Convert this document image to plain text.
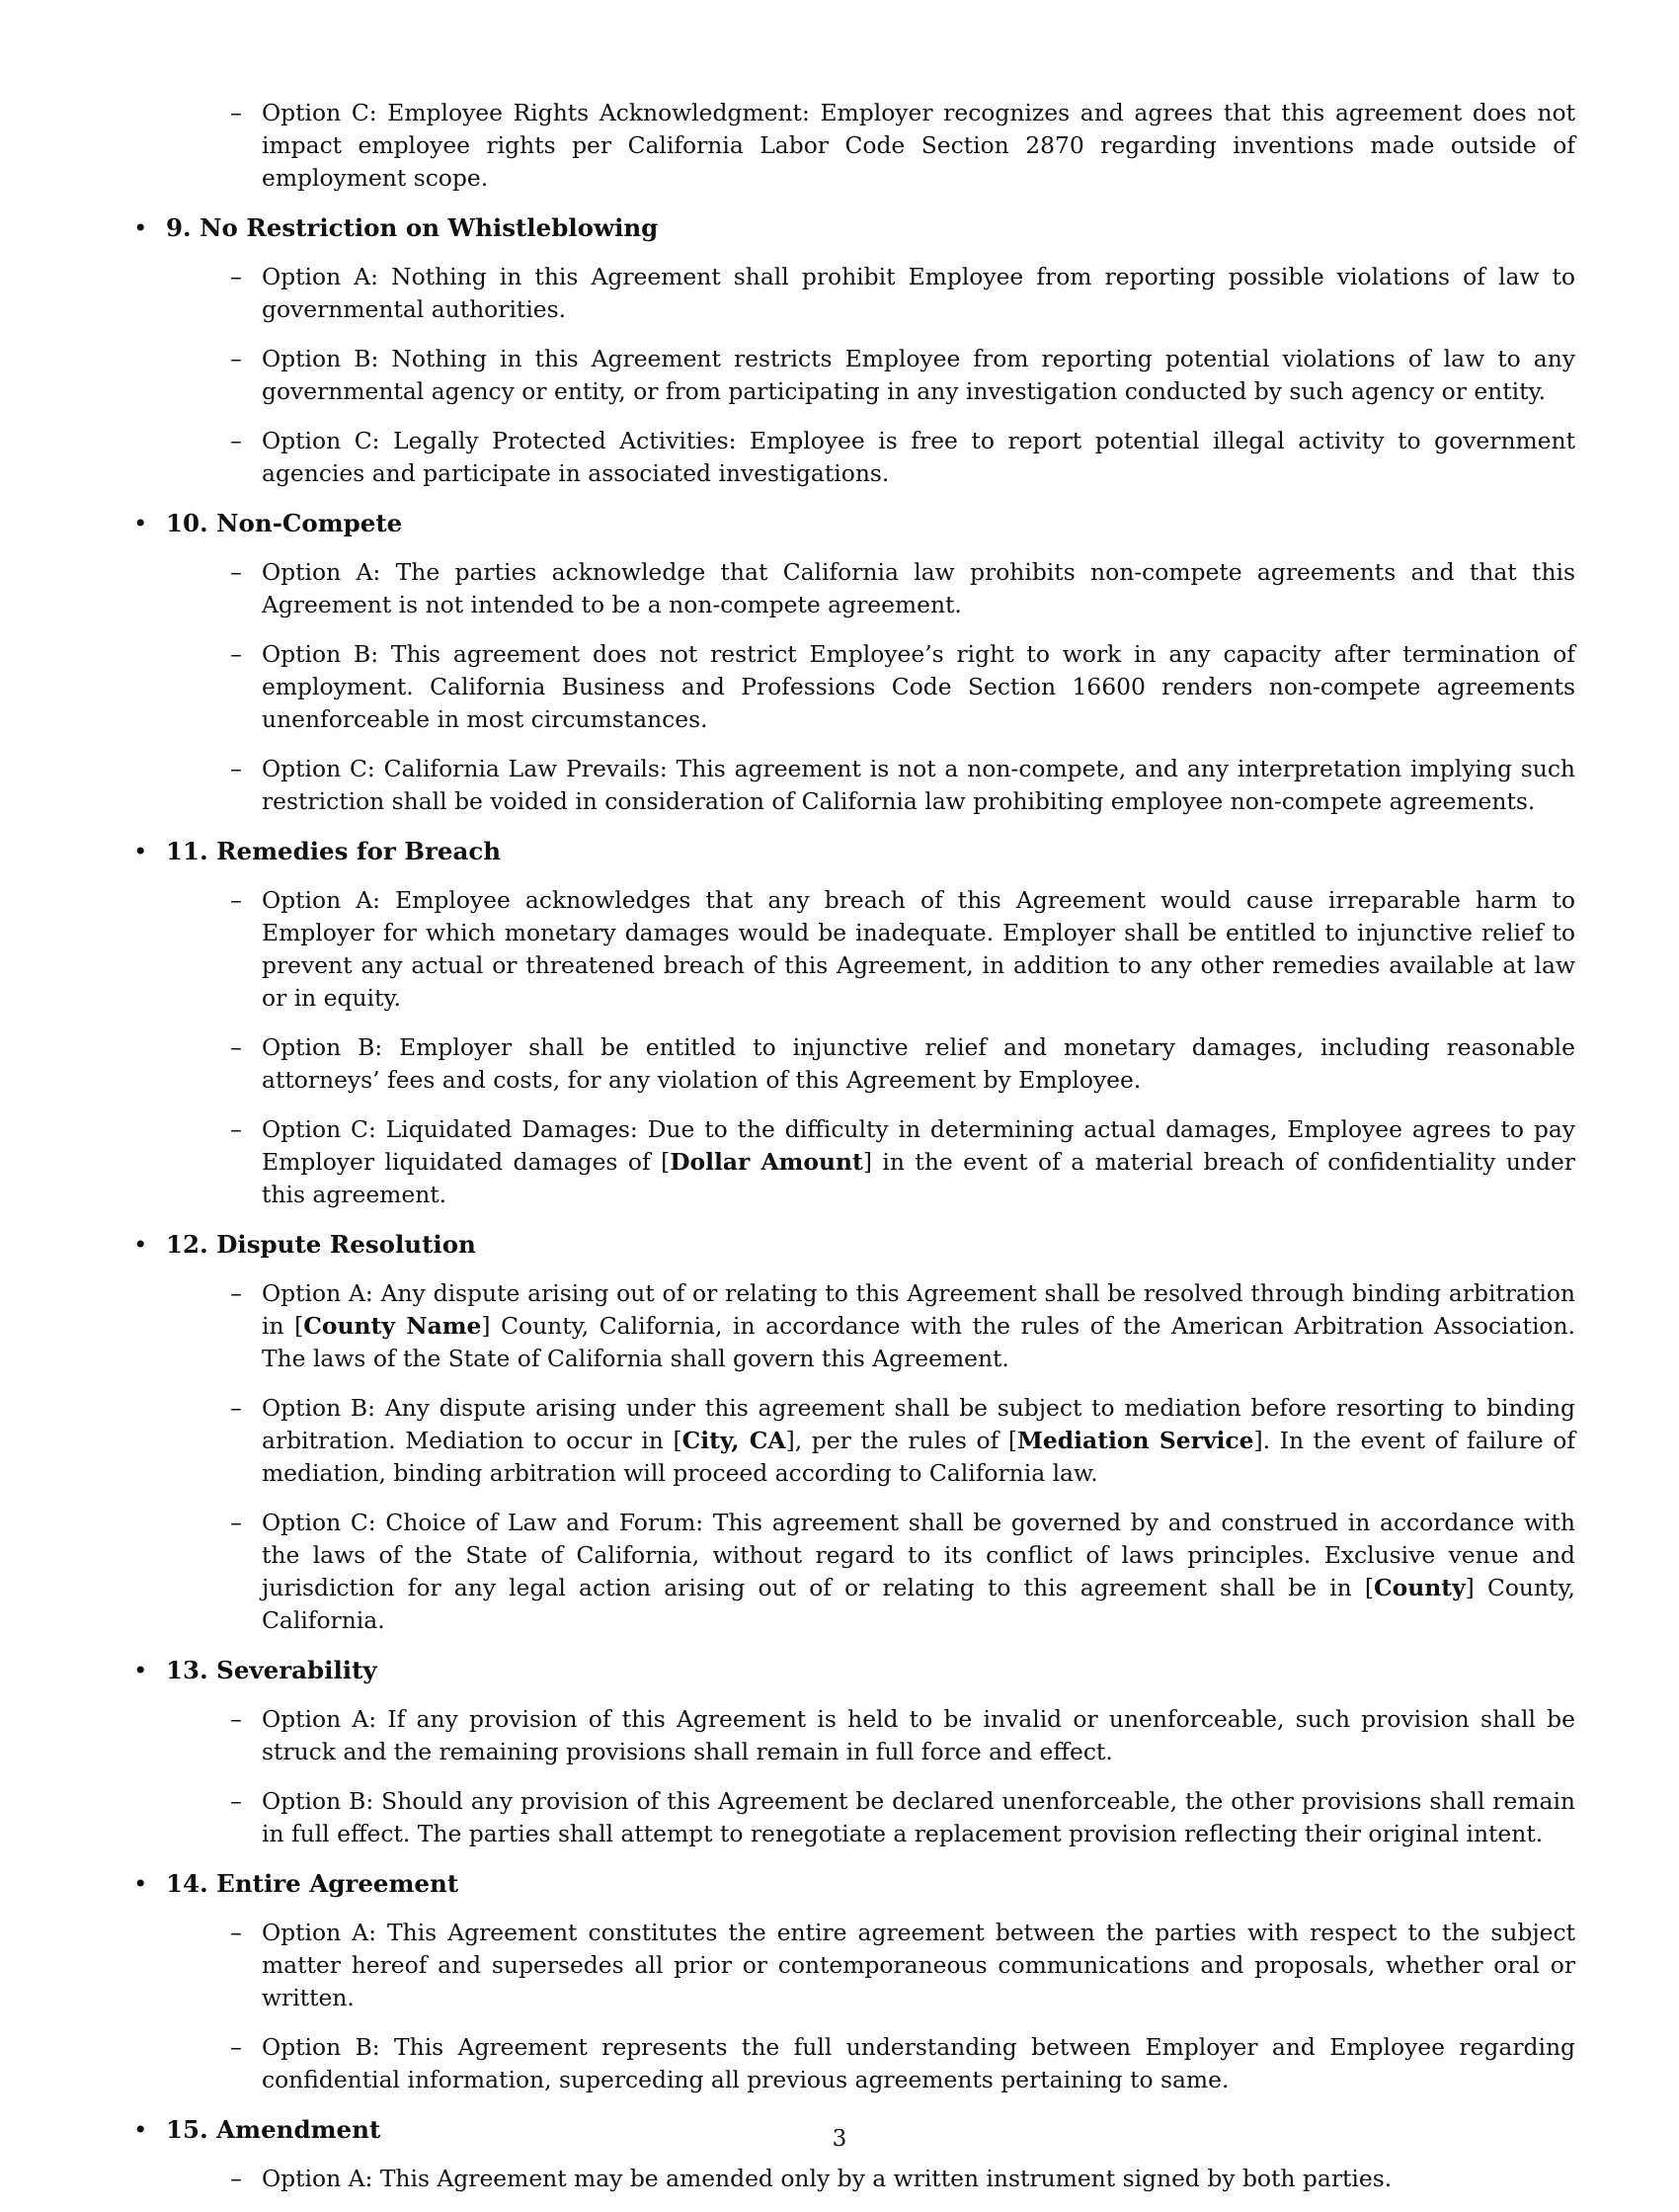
– Option C: Employee Rights Acknowledgment: Employer recognizes and agrees that this agreement does not impact employee rights per California Labor Code Section 2870 regarding inventions made outside of employment scope.
• 9. No Restriction on Whistleblowing
– Option A: Nothing in this Agreement shall prohibit Employee from reporting possible violations of law to governmental authorities.
– Option B: Nothing in this Agreement restricts Employee from reporting potential violations of law to any governmental agency or entity, or from participating in any investigation conducted by such agency or entity.
– Option C: Legally Protected Activities: Employee is free to report potential illegal activity to government agencies and participate in associated investigations.
• 10. Non-Compete
– Option A: The parties acknowledge that California law prohibits non-compete agreements and that this Agreement is not intended to be a non-compete agreement.
– Option B: This agreement does not restrict Employee’s right to work in any capacity after termination of employment. California Business and Professions Code Section 16600 renders non-compete agreements unenforceable in most circumstances.
– Option C: California Law Prevails: This agreement is not a non-compete, and any interpretation implying such restriction shall be voided in consideration of California law prohibiting employee non-compete agreements.
• 11. Remedies for Breach
– Option A: Employee acknowledges that any breach of this Agreement would cause irreparable harm to Employer for which monetary damages would be inadequate. Employer shall be entitled to injunctive relief to prevent any actual or threatened breach of this Agreement, in addition to any other remedies available at law or in equity.
– Option B: Employer shall be entitled to injunctive relief and monetary damages, including reasonable attorneys’ fees and costs, for any violation of this Agreement by Employee.
– Option C: Liquidated Damages: Due to the difficulty in determining actual damages, Employee agrees to pay Employer liquidated damages of [Dollar Amount] in the event of a material breach of confidentiality under this agreement.
• 12. Dispute Resolution
– Option A: Any dispute arising out of or relating to this Agreement shall be resolved through binding arbitration in [County Name] County, California, in accordance with the rules of the American Arbitration Association. The laws of the State of California shall govern this Agreement.
– Option B: Any dispute arising under this agreement shall be subject to mediation before resorting to binding arbitration. Mediation to occur in [City, CA], per the rules of [Mediation Service]. In the event of failure of mediation, binding arbitration will proceed according to California law.
– Option C: Choice of Law and Forum: This agreement shall be governed by and construed in accordance with the laws of the State of California, without regard to its conflict of laws principles. Exclusive venue and jurisdiction for any legal action arising out of or relating to this agreement shall be in [County] County, California.
• 13. Severability
– Option A: If any provision of this Agreement is held to be invalid or unenforceable, such provision shall be struck and the remaining provisions shall remain in full force and effect.
– Option B: Should any provision of this Agreement be declared unenforceable, the other provisions shall remain in full effect. The parties shall attempt to renegotiate a replacement provision reflecting their original intent.
• 14. Entire Agreement
– Option A: This Agreement constitutes the entire agreement between the parties with respect to the subject matter hereof and supersedes all prior or contemporaneous communications and proposals, whether oral or written.
– Option B: This Agreement represents the full understanding between Employer and Employee regarding confidential information, superceding all previous agreements pertaining to same.
• 15. Amendment
– Option A: This Agreement may be amended only by a written instrument signed by both parties.
3
